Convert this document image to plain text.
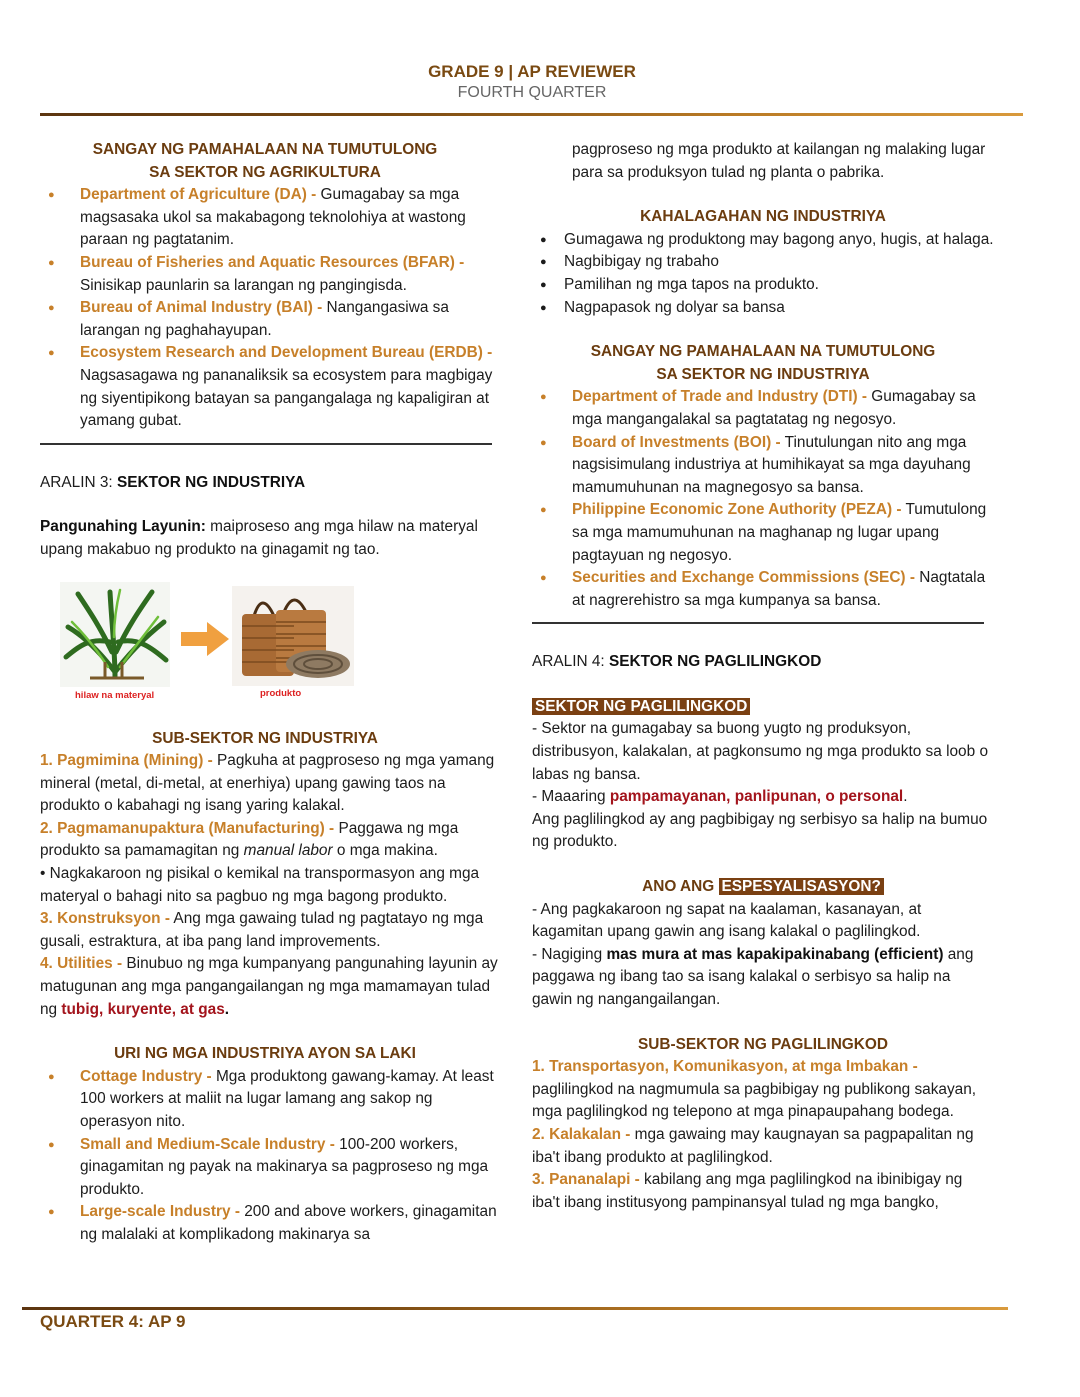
GRADE 9 | AP REVIEWER
FOURTH QUARTER
SANGAY NG PAMAHALAAN NA TUMUTULONG
SA SEKTOR NG AGRIKULTURA
● Department of Agriculture (DA) - Gumagabay sa mga magsasaka ukol sa makabagong teknolohiya at wastong paraan ng pagtatanim.
● Bureau of Fisheries and Aquatic Resources (BFAR) - Sinisikap paunlarin sa larangan ng pangingisda.
● Bureau of Animal Industry (BAI) - Nangangasiwa sa larangan ng paghahayupan.
● Ecosystem Research and Development Bureau (ERDB) - Nagsasagawa ng pananaliksik sa ecosystem para magbigay ng siyentipikong batayan sa pangangalaga ng kapaligiran at yamang gubat.

ARALIN 3: SEKTOR NG INDUSTRIYA

Pangunahing Layunin: maiproseso ang mga hilaw na materyal upang makabuo ng produkto na ginagamit ng tao.

hilaw na materyal	produkto
SUB-SEKTOR NG INDUSTRIYA

1. Pagmimina (Mining) - Pagkuha at pagproseso ng mga yamang mineral (metal, di-metal, at enerhiya) upang gawing taos na produkto o kabahagi ng isang yaring kalakal.

2. Pagmamanupaktura (Manufacturing) - Paggawa ng mga produkto sa pamamagitan ng manual labor o mga makina.

• Nagkakaroon ng pisikal o kemikal na transpormasyon ang mga materyal o bahagi nito sa pagbuo ng mga bagong produkto.

3. Konstruksyon - Ang mga gawaing tulad ng pagtatayo ng mga gusali, estraktura, at iba pang land improvements.

4. Utilities - Binubuo ng mga kumpanyang pangunahing layunin ay matugunan ang mga pangangailangan ng mga mamamayan tulad ng tubig, kuryente, at gas.

URI NG MGA INDUSTRIYA AYON SA LAKI
● Cottage Industry - Mga produktong gawang-kamay. At least 100 workers at maliit na lugar lamang ang sakop ng operasyon nito.
● Small and Medium-Scale Industry - 100-200 workers, ginagamitan ng payak na makinarya sa pagproseso ng mga produkto.
● Large-scale Industry - 200 and above workers, ginagamitan ng malalaki at komplikadong makinarya sa

pagproseso ng mga produkto at kailangan ng malaking lugar para sa produksyon tulad ng planta o pabrika.

KAHALAGAHAN NG INDUSTRIYA
● Gumagawa ng produktong may bagong anyo, hugis, at halaga.
● Nagbibigay ng trabaho
● Pamilihan ng mga tapos na produkto.
● Nagpapasok ng dolyar sa bansa
SANGAY NG PAMAHALAAN NA TUMUTULONG
SA SEKTOR NG INDUSTRIYA
● Department of Trade and Industry (DTI) - Gumagabay sa mga mangangalakal sa pagtatatag ng negosyo.
● Board of Investments (BOI) - Tinutulungan nito ang mga nagsisimulang industriya at humihikayat sa mga dayuhang mamumuhunan na magnegosyo sa bansa.
● Philippine Economic Zone Authority (PEZA) - Tumutulong sa mga mamumuhunan na maghanap ng lugar upang pagtayuan ng negosyo.
● Securities and Exchange Commissions (SEC) - Nagtatala at nagrerehistro sa mga kumpanya sa bansa.

ARALIN 4: SEKTOR NG PAGLILINGKOD

SEKTOR NG PAGLILINGKOD

- Sektor na gumagabay sa buong yugto ng produksyon, distribusyon, kalakalan, at pagkonsumo ng mga produkto sa loob o labas ng bansa.

- Maaaring pampamayanan, panlipunan, o personal.

Ang paglilingkod ay ang pagbibigay ng serbisyo sa halip na bumuo ng produkto.

ANO ANG ESPESYALISASYON?

- Ang pagkakaroon ng sapat na kaalaman, kasanayan, at kagamitan upang gawin ang isang kalakal o paglilingkod.

- Nagiging mas mura at mas kapakipakinabang (efficient) ang paggawa ng ibang tao sa isang kalakal o serbisyo sa halip na gawin ng nangangailangan.

SUB-SEKTOR NG PAGLILINGKOD

1. Transportasyon, Komunikasyon, at mga Imbakan - paglilingkod na nagmumula sa pagbibigay ng publikong sakayan, mga paglilingkod ng telepono at mga pinapaupahang bodega.

2. Kalakalan - mga gawaing may kaugnayan sa pagpapalitan ng iba't ibang produkto at paglilingkod.

3. Pananalapi - kabilang ang mga paglilingkod na ibinibigay ng iba't ibang institusyong pampinansyal tulad ng mga bangko,

QUARTER 4: AP 9
